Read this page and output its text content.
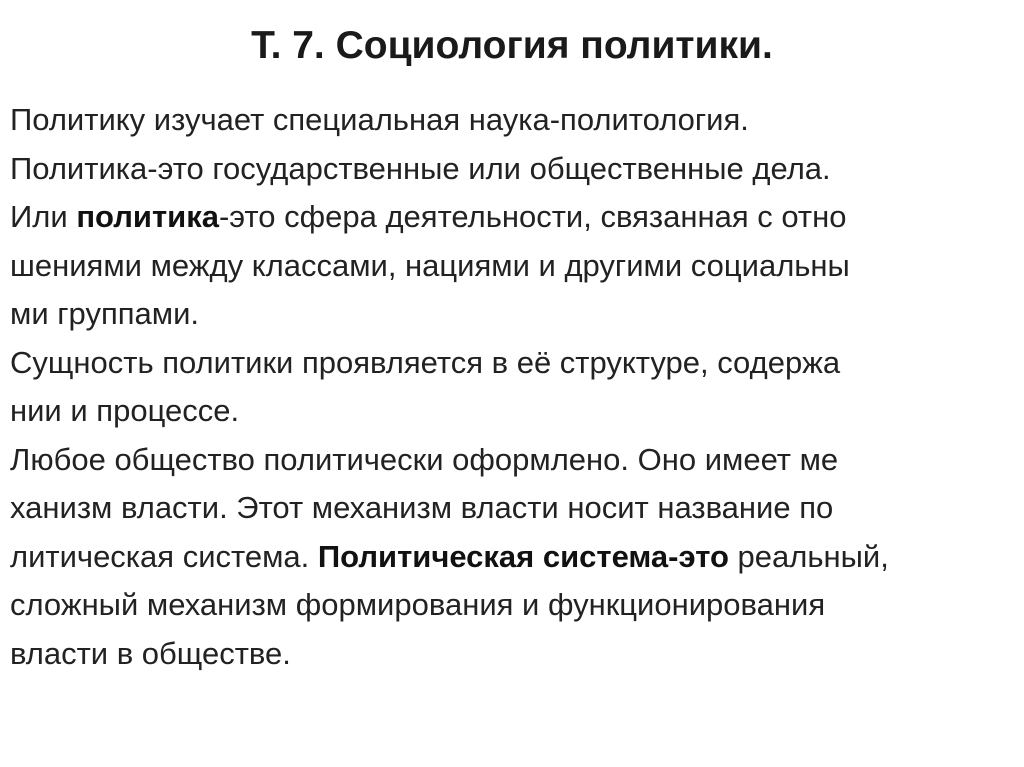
Т. 7. Социология политики.
Политику изучает специальная наука-политология.
Политика-это государственные или общественные дела.
Или политика-это сфера деятельности, связанная с отно
шениями между классами, нациями и другими социальны
ми группами.
Сущность политики проявляется в её структуре, содержа
нии и процессе.
Любое общество политически оформлено. Оно имеет ме
ханизм власти. Этот механизм власти носит название по
литическая система. Политическая система-это реальный,
сложный механизм формирования и функционирования
власти в обществе.
